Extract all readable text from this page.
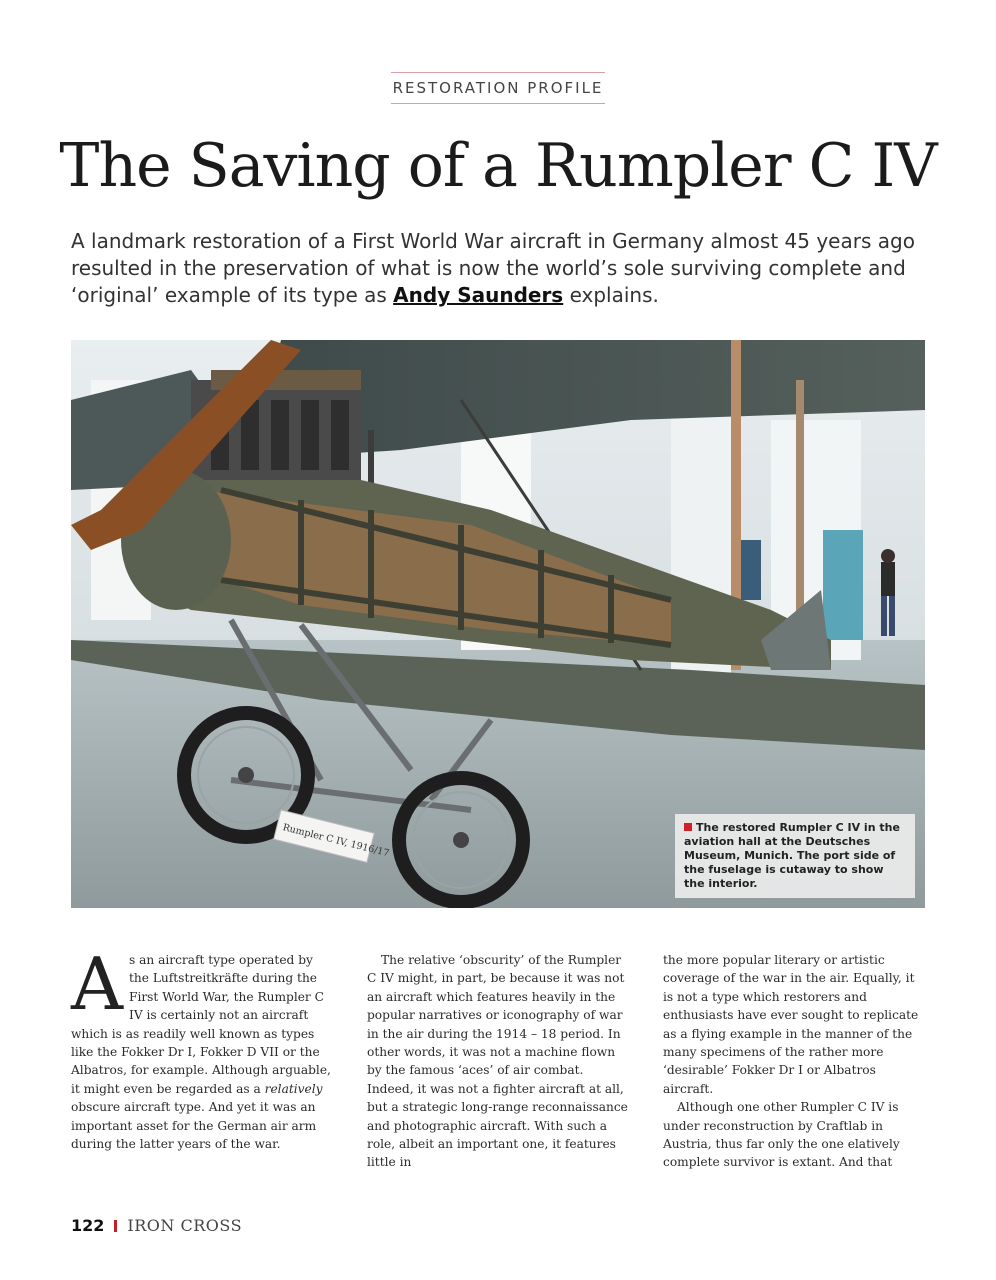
RESTORATION PROFILE
The Saving of a Rumpler C IV

A landmark restoration of a First World War aircraft in Germany almost 45 years ago resulted in the preservation of what is now the world’s sole surviving complete and ‘original’ example of its type as Andy Saunders explains.

Rumpler C IV, 1916/17	The restored Rumpler C IV in the aviation hall at the Deutsches Museum, Munich. The port side of the fuselage is cutaway to show the interior.

As an aircraft type operated by the Luftstreitkräfte during the First World War, the Rumpler C IV is certainly not an aircraft which is as readily well known as types like the Fokker Dr I, Fokker D VII or the Albatros, for example. Although arguable, it might even be regarded as a relatively obscure aircraft type. And yet it was an important asset for the German air arm during the latter years of the war.

The relative ‘obscurity’ of the Rumpler C IV might, in part, be because it was not an aircraft which features heavily in the popular narratives or iconography of war in the air during the 1914 – 18 period. In other words, it was not a machine flown by the famous ‘aces’ of air combat. Indeed, it was not a fighter aircraft at all, but a strategic long-range reconnaissance and photographic aircraft. With such a role, albeit an important one, it features little in

the more popular literary or artistic coverage of the war in the air. Equally, it is not a type which restorers and enthusiasts have ever sought to replicate as a flying example in the manner of the many specimens of the rather more ‘desirable’ Fokker Dr I or Albatros aircraft.

Although one other Rumpler C IV is under reconstruction by Craftlab in Austria, thus far only the one elatively complete survivor is extant. And that

122 IRON CROSS
